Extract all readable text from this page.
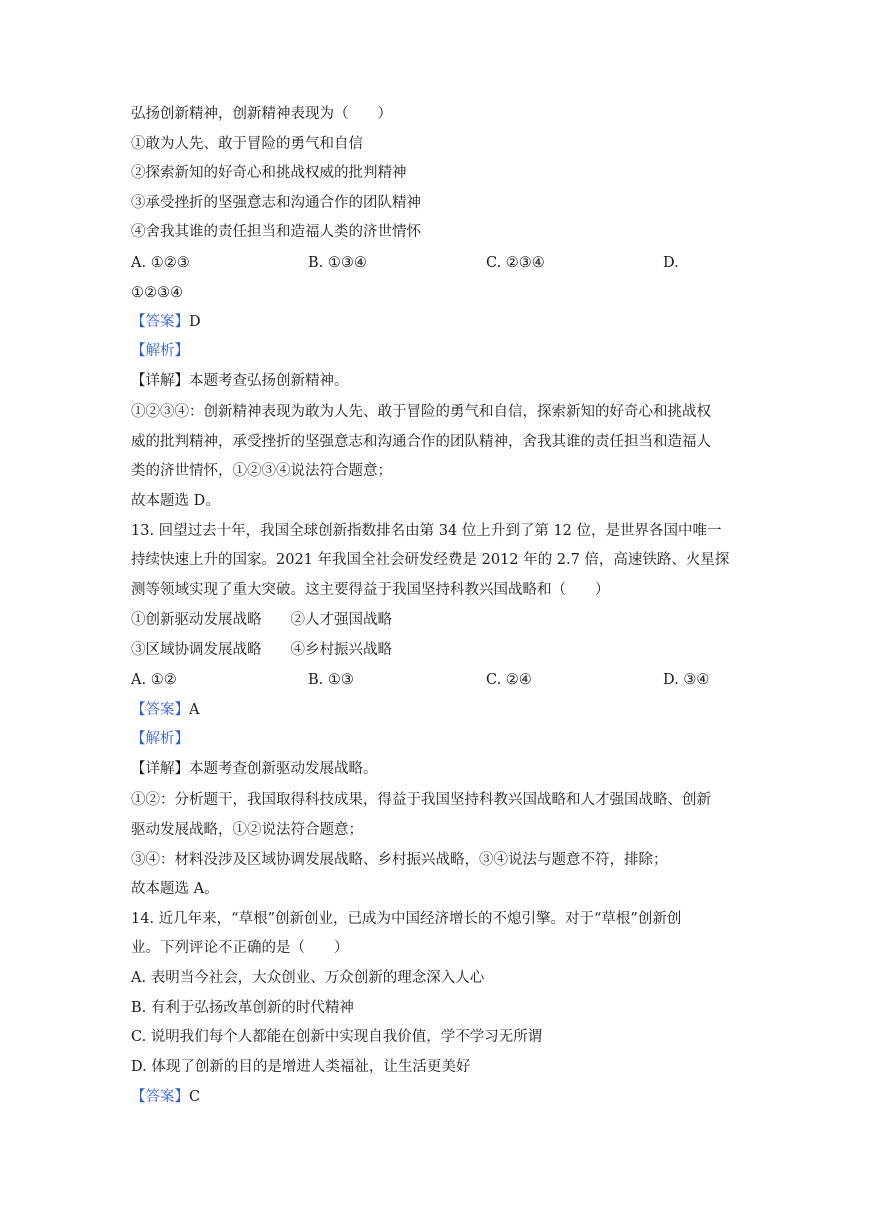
弘扬创新精神，创新精神表现为（　　）
①敢为人先、敢于冒险的勇气和自信
②探索新知的好奇心和挑战权威的批判精神
③承受挫折的坚强意志和沟通合作的团队精神
④舍我其谁的责任担当和造福人类的济世情怀
A. ①②③	B. ①③④	C. ②③④	D.
①②③④
【答案】D
【解析】
【详解】本题考查弘扬创新精神。
①②③④：创新精神表现为敢为人先、敢于冒险的勇气和自信，探索新知的好奇心和挑战权
威的批判精神，承受挫折的坚强意志和沟通合作的团队精神，舍我其谁的责任担当和造福人
类的济世情怀，①②③④说法符合题意；
故本题选 D。
13. 回望过去十年，我国全球创新指数排名由第 34 位上升到了第 12 位，是世界各国中唯一
持续快速上升的国家。2021 年我国全社会研发经费是 2012 年的 2.7 倍，高速铁路、火星探
测等领域实现了重大突破。这主要得益于我国坚持科教兴国战略和（　　）
①创新驱动发展战略　　②人才强国战略
③区域协调发展战略　　④乡村振兴战略
A. ①②	B. ①③	C. ②④	D. ③④
【答案】A
【解析】
【详解】本题考查创新驱动发展战略。
①②：分析题干，我国取得科技成果，得益于我国坚持科教兴国战略和人才强国战略、创新
驱动发展战略，①②说法符合题意；
③④：材料没涉及区域协调发展战略、乡村振兴战略，③④说法与题意不符，排除；
故本题选 A。
14. 近几年来，“草根”创新创业，已成为中国经济增长的不熄引擎。对于“草根”创新创
业。下列评论不正确的是（　　）
A. 表明当今社会，大众创业、万众创新的理念深入人心
B. 有利于弘扬改革创新的时代精神
C. 说明我们每个人都能在创新中实现自我价值，学不学习无所谓
D. 体现了创新的目的是增进人类福祉，让生活更美好
【答案】C
